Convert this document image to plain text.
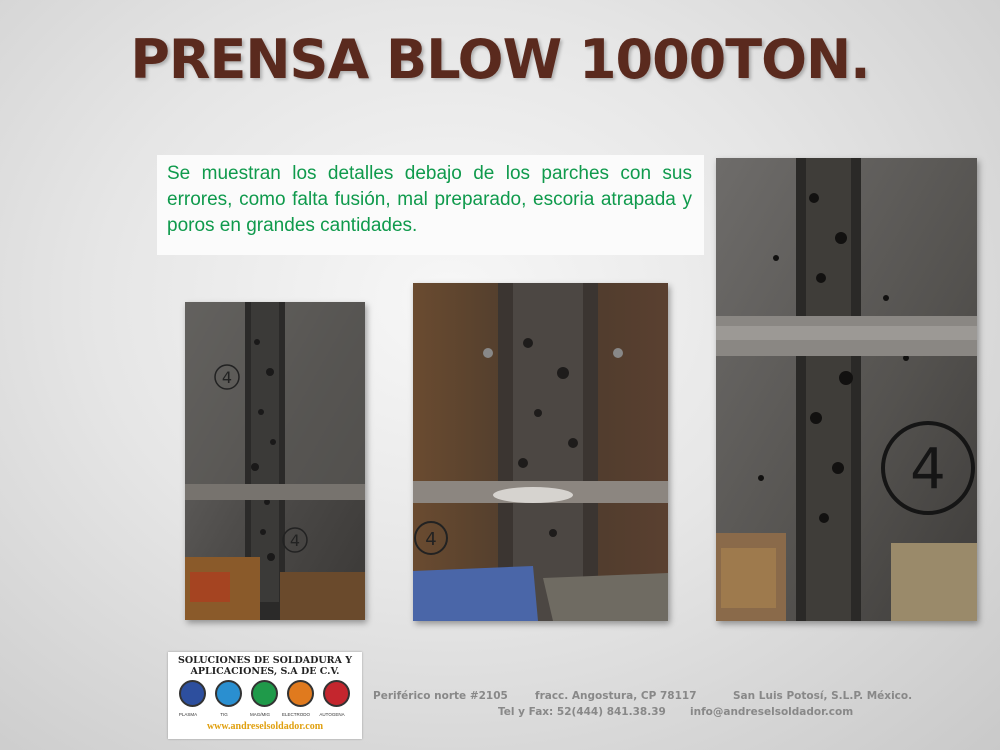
PRENSA BLOW 1000TON.
Se muestran los detalles debajo de los parches con sus errores, como falta fusión, mal preparado, escoria atrapada y poros en grandes cantidades.
4
4	4
4
SOLUCIONES DE SOLDADURA Y APLICACIONES, S.A DE C.V.
PLASMA	TIG	MAG/MIG	ELECTRODO	AUTOGENA
www.andreselsoldador.com
Periférico norte #2105	fracc. Angostura, CP 78117	San Luis Potosí, S.L.P. México.
Tel y Fax: 52(444) 841.38.39 info@andreselsoldador.com
